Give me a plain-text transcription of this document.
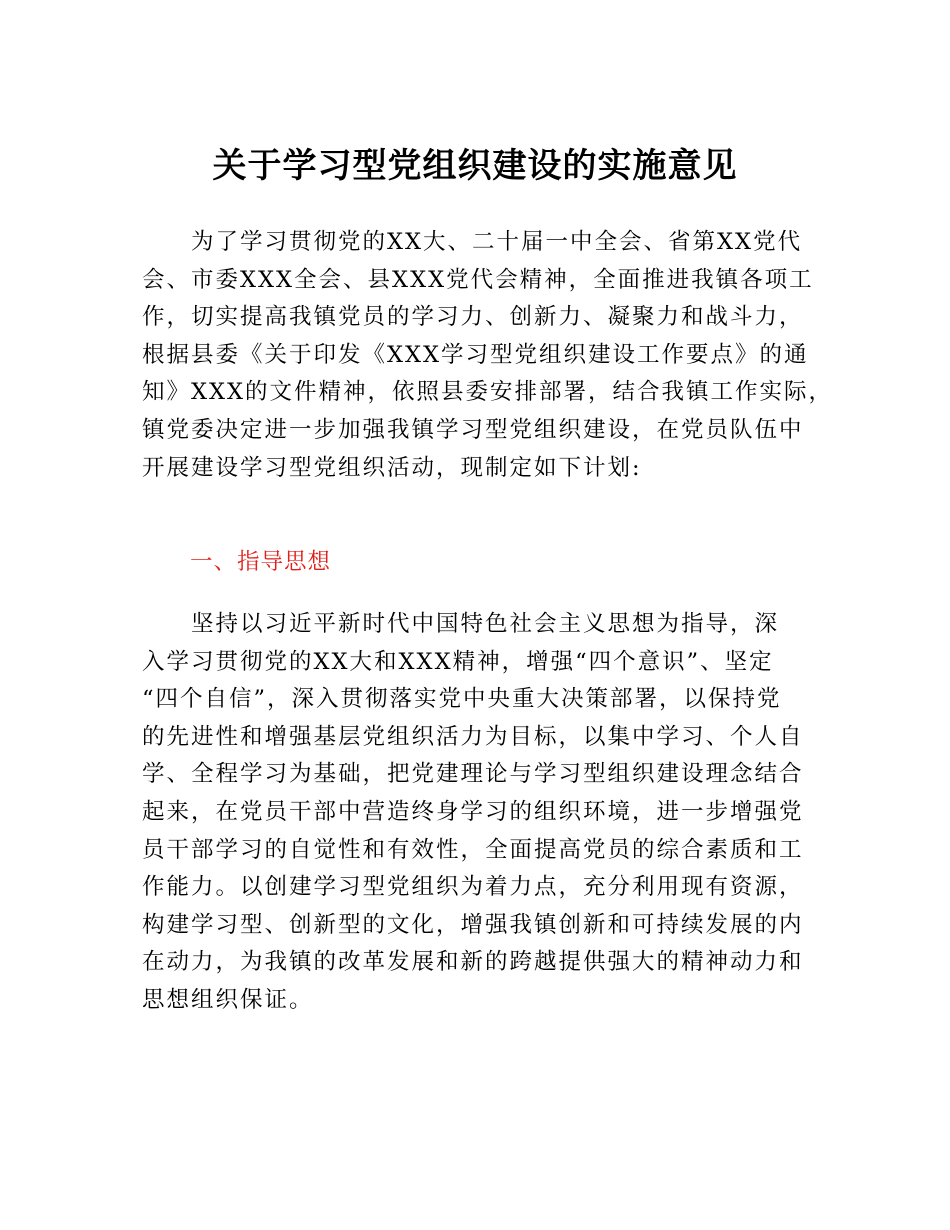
关于学习型党组织建设的实施意见
　　为了学习贯彻党的XX大、二十届一中全会、省第XX党代
会、市委XXX全会、县XXX党代会精神，全面推进我镇各项工
作，切实提高我镇党员的学习力、创新力、凝聚力和战斗力，
根据县委《关于印发《XXX学习型党组织建设工作要点》的通
知》XXX的文件精神，依照县委安排部署，结合我镇工作实际，
镇党委决定进一步加强我镇学习型党组织建设，在党员队伍中
开展建设学习型党组织活动，现制定如下计划:
一、指导思想
　　坚持以习近平新时代中国特色社会主义思想为指导，深
入学习贯彻党的XX大和XXX精神，增强“四个意识”、坚定
“四个自信”，深入贯彻落实党中央重大决策部署，以保持党
的先进性和增强基层党组织活力为目标，以集中学习、个人自
学、全程学习为基础，把党建理论与学习型组织建设理念结合
起来，在党员干部中营造终身学习的组织环境，进一步增强党
员干部学习的自觉性和有效性，全面提高党员的综合素质和工
作能力。以创建学习型党组织为着力点，充分利用现有资源，
构建学习型、创新型的文化，增强我镇创新和可持续发展的内
在动力，为我镇的改革发展和新的跨越提供强大的精神动力和
思想组织保证。
